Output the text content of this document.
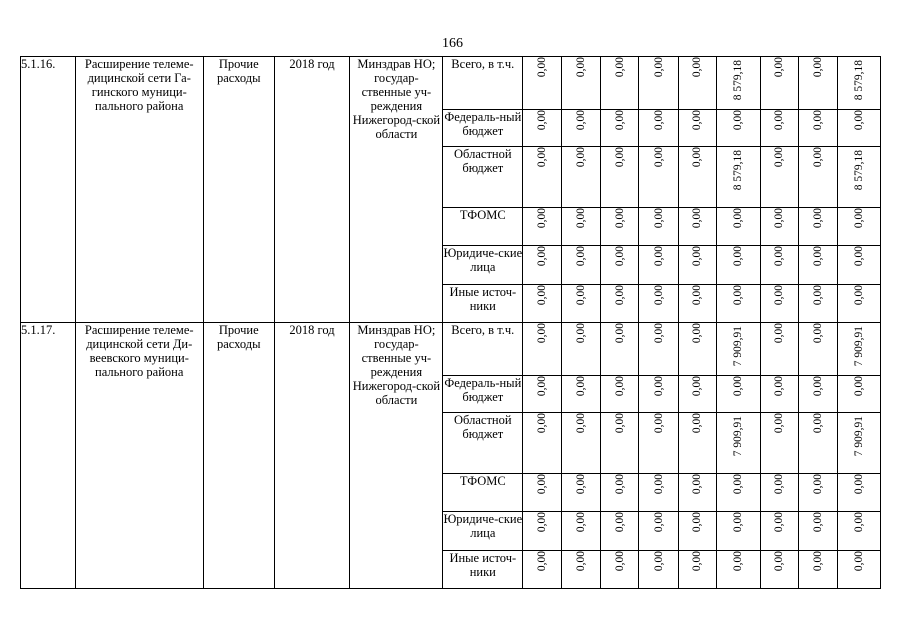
166
5.1.16.	Расширение телеме-дицинской сети Га-гинского муници-пального района	Прочие расходы	2018 год	Минздрав НО; государ-ственные уч-реждения Нижегород-ской области	Всего, в т.ч.	0,00	0,00	0,00	0,00	0,00	8 579,18	0,00	0,00	8 579,18

					Федераль-ный бюджет	0,00	0,00	0,00	0,00	0,00	0,00	0,00	0,00	0,00
					Областной бюджет	0,00	0,00	0,00	0,00	0,00	8 579,18	0,00	0,00	8 579,18

					ТФОМС	0,00	0,00	0,00	0,00	0,00	0,00	0,00	0,00	0,00
					Юридиче-ские лица	0,00	0,00	0,00	0,00	0,00	0,00	0,00	0,00	0,00
					Иные источ-ники	0,00	0,00	0,00	0,00	0,00	0,00	0,00	0,00	0,00
5.1.17.	Расширение телеме-дицинской сети Ди-веевского муници-пального района	Прочие расходы	2018 год	Минздрав НО; государ-ственные уч-реждения Нижегород-ской области	Всего, в т.ч.	0,00	0,00	0,00	0,00	0,00	7 909,91	0,00	0,00	7 909,91

					Федераль-ный бюджет	0,00	0,00	0,00	0,00	0,00	0,00	0,00	0,00	0,00
					Областной бюджет	0,00	0,00	0,00	0,00	0,00	7 909,91	0,00	0,00	7 909,91

					ТФОМС	0,00	0,00	0,00	0,00	0,00	0,00	0,00	0,00	0,00
					Юридиче-ские лица	0,00	0,00	0,00	0,00	0,00	0,00	0,00	0,00	0,00
					Иные источ-ники	0,00	0,00	0,00	0,00	0,00	0,00	0,00	0,00	0,00
